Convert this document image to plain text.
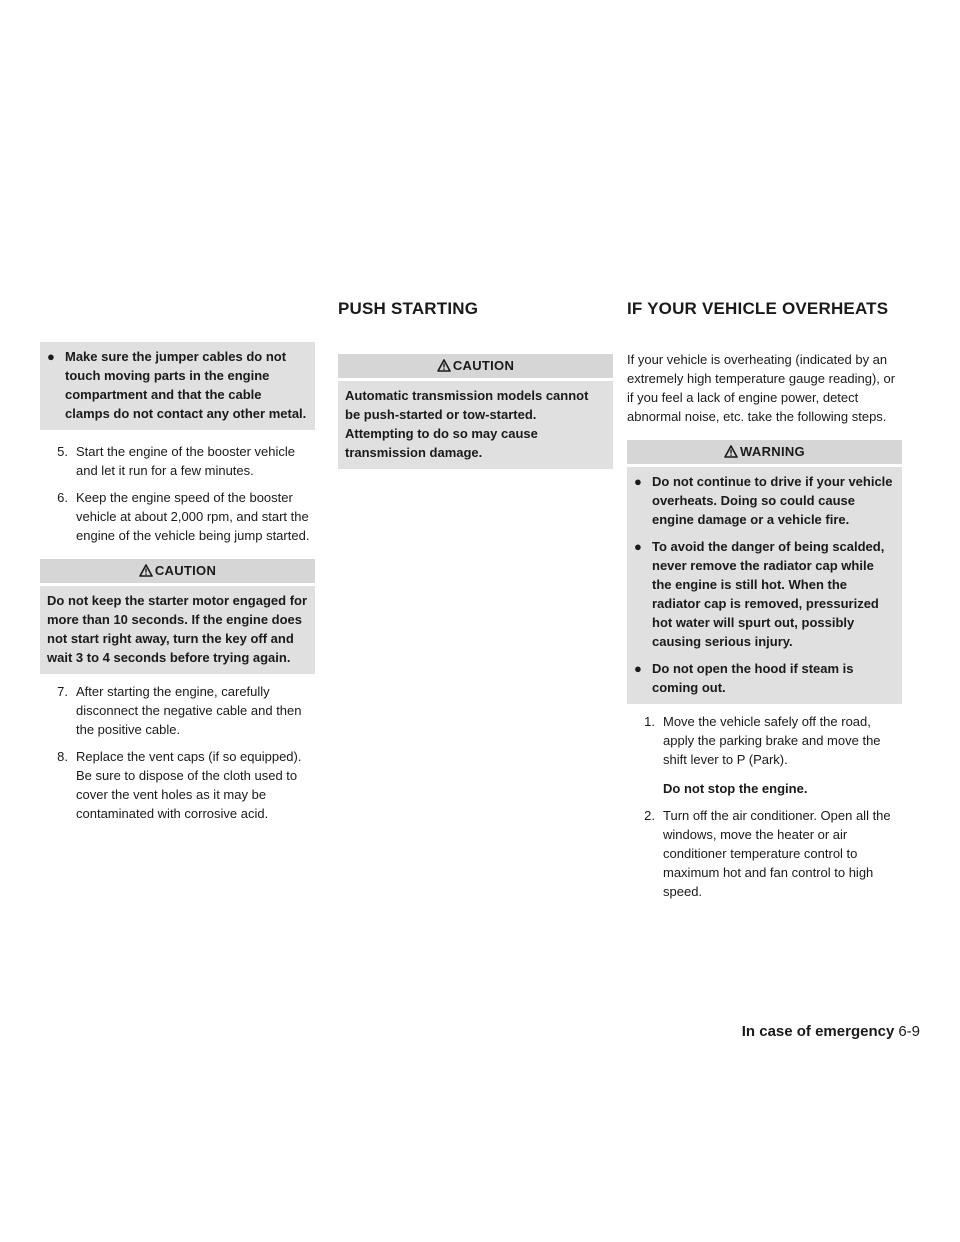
PUSH STARTING	IF YOUR VEHICLE OVERHEATS
● Make sure the jumper cables do not touch moving parts in the engine compartment and that the cable clamps do not contact any other metal.
5. Start the engine of the booster vehicle and let it run for a few minutes.
6. Keep the engine speed of the booster vehicle at about 2,000 rpm, and start the engine of the vehicle being jump started.
CAUTION
Do not keep the starter motor engaged for more than 10 seconds. If the engine does not start right away, turn the key off and wait 3 to 4 seconds before trying again.
7. After starting the engine, carefully disconnect the negative cable and then the positive cable.
8. Replace the vent caps (if so equipped). Be sure to dispose of the cloth used to cover the vent holes as it may be contaminated with corrosive acid.
CAUTION
Automatic transmission models cannot be push-started or tow-started. Attempting to do so may cause transmission damage.

If your vehicle is overheating (indicated by an extremely high temperature gauge reading), or if you feel a lack of engine power, detect abnormal noise, etc. take the following steps.

WARNING
● Do not continue to drive if your vehicle overheats. Doing so could cause engine damage or a vehicle fire.
● To avoid the danger of being scalded, never remove the radiator cap while the engine is still hot. When the radiator cap is removed, pressurized hot water will spurt out, possibly causing serious injury.
● Do not open the hood if steam is coming out.
1. Move the vehicle safely off the road, apply the parking brake and move the shift lever to P (Park).
Do not stop the engine.
2. Turn off the air conditioner. Open all the windows, move the heater or air conditioner temperature control to maximum hot and fan control to high speed.
In case of emergency 6-9
